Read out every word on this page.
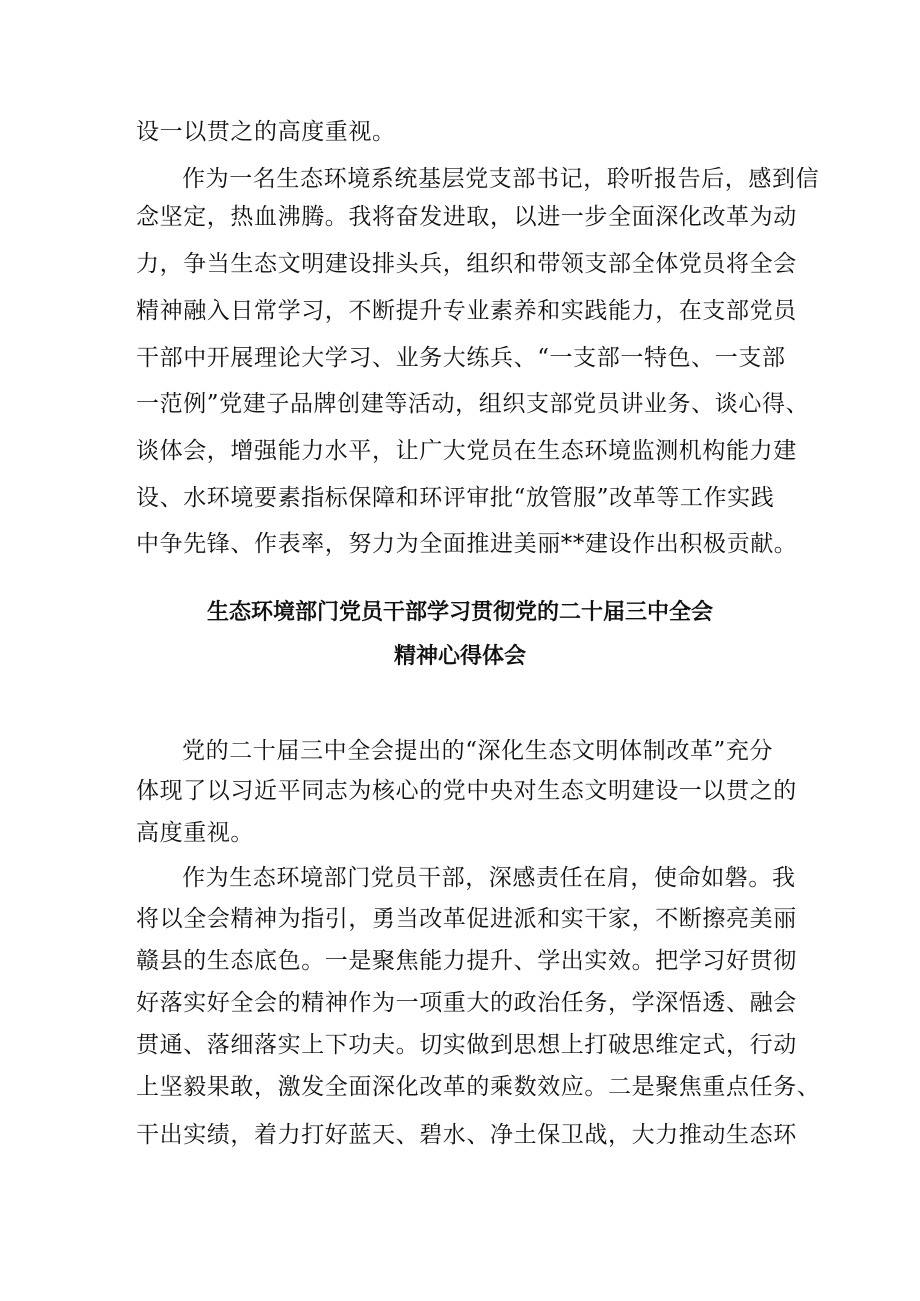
设一以贯之的高度重视。
作为一名生态环境系统基层党支部书记，聆听报告后，感到信
念坚定，热血沸腾。我将奋发进取，以进一步全面深化改革为动
力，争当生态文明建设排头兵，组织和带领支部全体党员将全会
精神融入日常学习，不断提升专业素养和实践能力，在支部党员
干部中开展理论大学习、业务大练兵、“一支部一特色、一支部
一范例”党建子品牌创建等活动，组织支部党员讲业务、谈心得、
谈体会，增强能力水平，让广大党员在生态环境监测机构能力建
设、水环境要素指标保障和环评审批“放管服”改革等工作实践
中争先锋、作表率，努力为全面推进美丽**建设作出积极贡献。
生态环境部门党员干部学习贯彻党的二十届三中全会
精神心得体会
党的二十届三中全会提出的“深化生态文明体制改革”充分
体现了以习近平同志为核心的党中央对生态文明建设一以贯之的
高度重视。
作为生态环境部门党员干部，深感责任在肩，使命如磐。我
将以全会精神为指引，勇当改革促进派和实干家，不断擦亮美丽
赣县的生态底色。一是聚焦能力提升、学出实效。把学习好贯彻
好落实好全会的精神作为一项重大的政治任务，学深悟透、融会
贯通、落细落实上下功夫。切实做到思想上打破思维定式，行动
上坚毅果敢，激发全面深化改革的乘数效应。二是聚焦重点任务、
干出实绩，着力打好蓝天、碧水、净土保卫战，大力推动生态环
